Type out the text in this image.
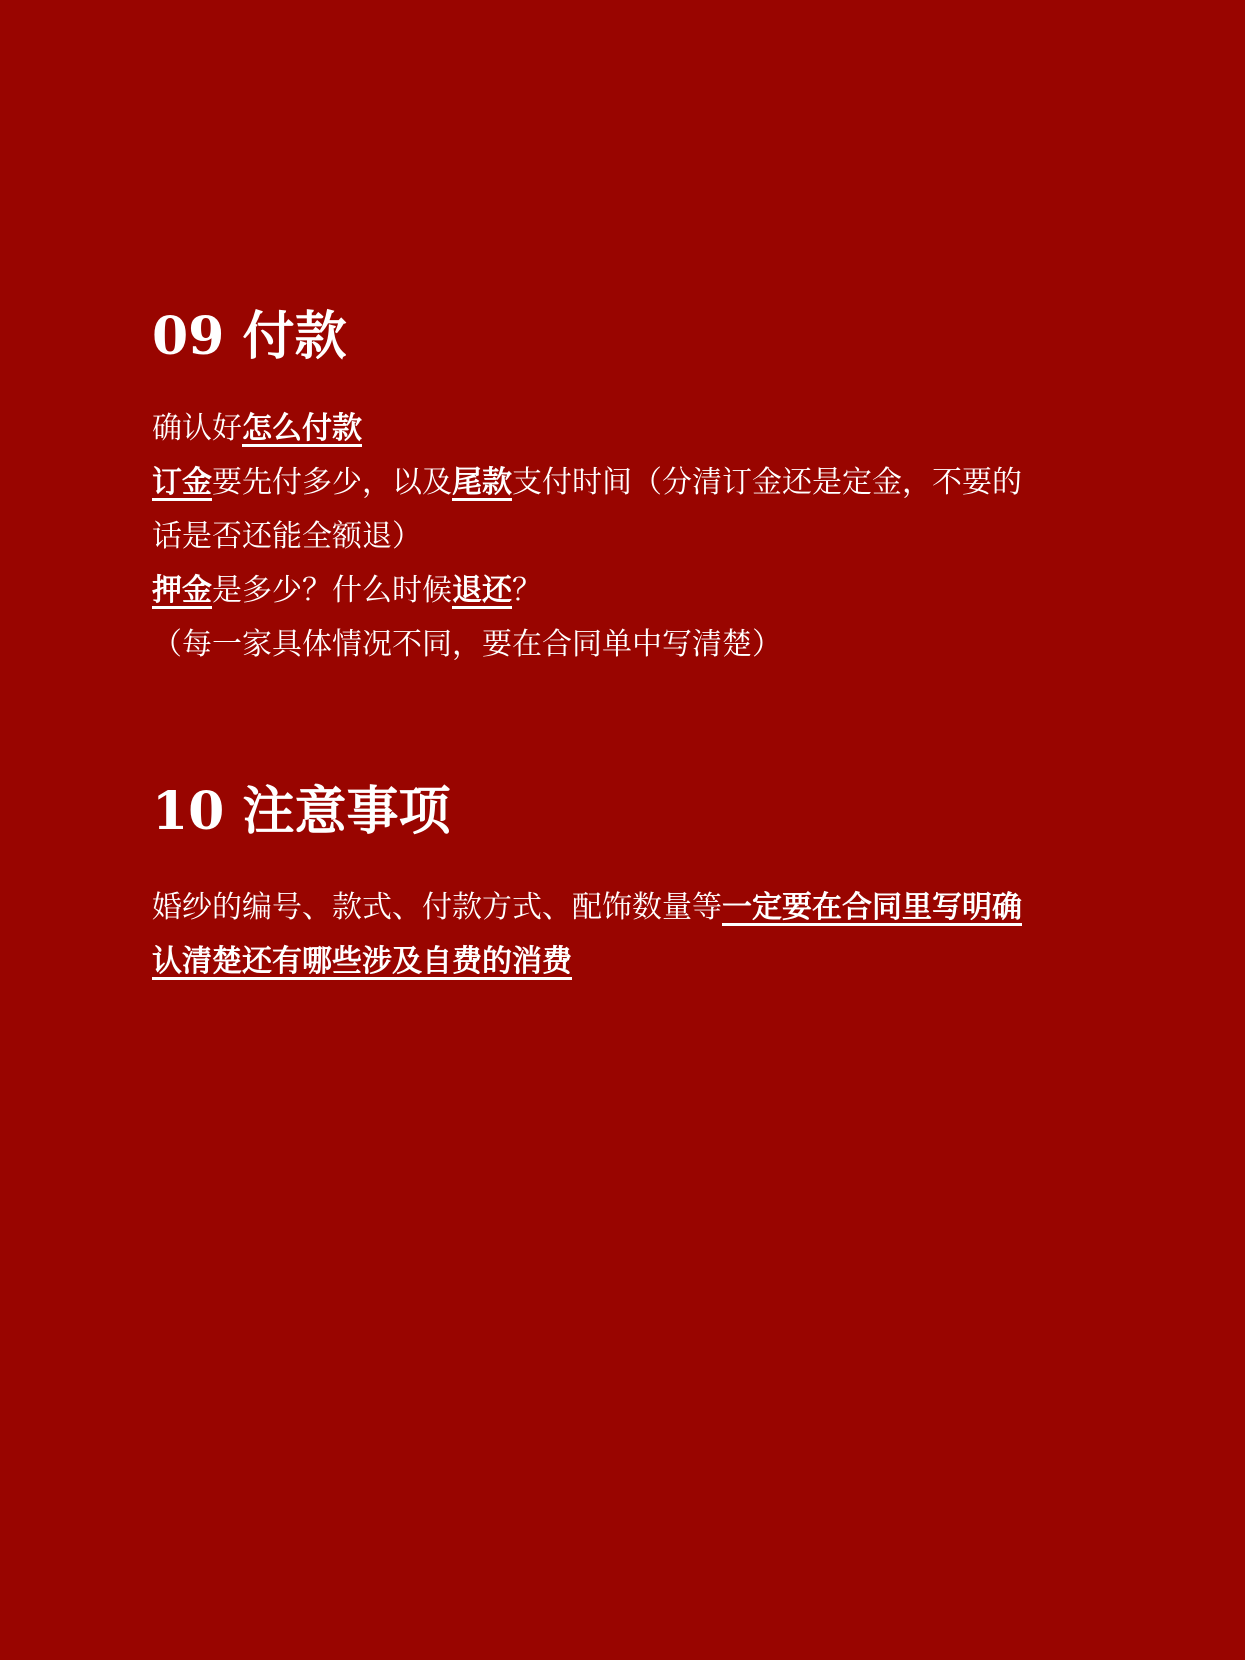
09 付款
确认好怎么付款
订金要先付多少，以及尾款支付时间（分清订金还是定金，不要的
话是否还能全额退）
押金是多少？什么时候退还？
（每一家具体情况不同，要在合同单中写清楚）
10 注意事项
婚纱的编号、款式、付款方式、配饰数量等一定要在合同里写明确
认清楚还有哪些涉及自费的消费
